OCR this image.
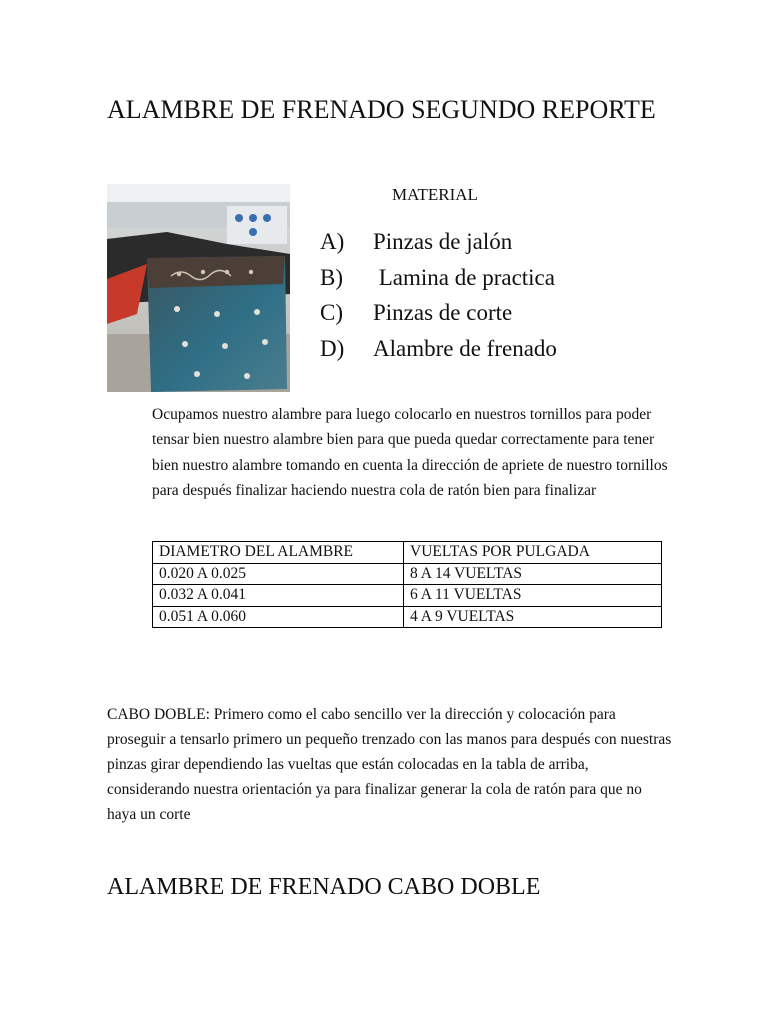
ALAMBRE DE FRENADO SEGUNDO REPORTE
MATERIAL
A) Pinzas de jalón
B) Lamina de practica
C) Pinzas de corte
D) Alambre de frenado

Ocupamos nuestro alambre para luego colocarlo en nuestros tornillos para poder tensar bien nuestro alambre bien para que pueda quedar correctamente para tener bien nuestro alambre tomando en cuenta la dirección de apriete de nuestro tornillos para después finalizar haciendo nuestra cola de ratón bien para finalizar

DIAMETRO DEL ALAMBRE	VUELTAS POR PULGADA
0.020 A 0.025	8 A 14 VUELTAS
0.032 A 0.041	6 A 11 VUELTAS
0.051 A 0.060	4 A 9 VUELTAS

CABO DOBLE: Primero como el cabo sencillo ver la dirección y colocación para proseguir a tensarlo primero un pequeño trenzado con las manos para después con nuestras pinzas girar dependiendo las vueltas que están colocadas en la tabla de arriba, considerando nuestra orientación ya para finalizar generar la cola de ratón para que no haya un corte

ALAMBRE DE FRENADO CABO DOBLE
